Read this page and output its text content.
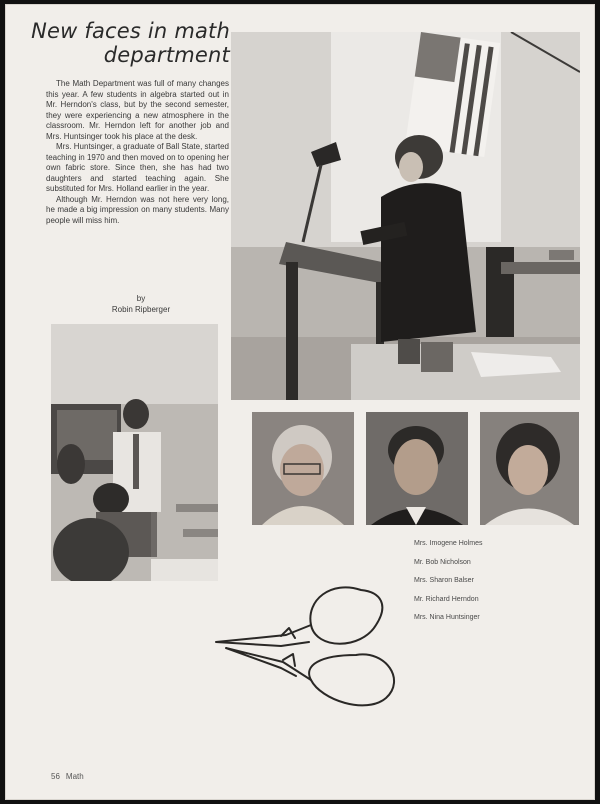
New faces in math department

The Math Department was full of many changes this year. A few students in algebra started out in Mr. Herndon's class, but by the second semester, they were experiencing a new atmosphere in the classroom. Mr. Herndon left for another job and Mrs. Huntsinger took his place at the desk.

Mrs. Huntsinger, a graduate of Ball State, started teaching in 1970 and then moved on to opening her own fabric store. Since then, she has had two daughters and started teaching again. She substituted for Mrs. Holland earlier in the year.

Although Mr. Herndon was not here very long, he made a big impression on many students. Many people will miss him.

by
Robin Ripberger
Mrs. Imogene Holmes
Mr. Bob Nicholson
Mrs. Sharon Balser
Mr. Richard Herndon
Mrs. Nina Huntsinger
56 Math
